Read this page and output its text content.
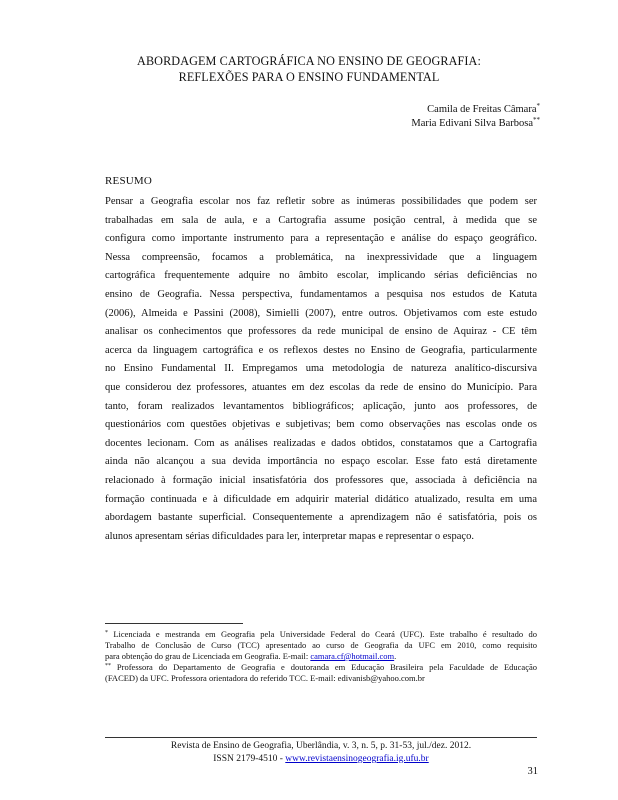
ABORDAGEM CARTOGRÁFICA NO ENSINO DE GEOGRAFIA:
REFLEXÕES PARA O ENSINO FUNDAMENTAL
Camila de Freitas Câmara*
Maria Edivani Silva Barbosa**
RESUMO
Pensar a Geografia escolar nos faz refletir sobre as inúmeras possibilidades que podem ser
trabalhadas em sala de aula, e a Cartografia assume posição central, à medida que se
configura como importante instrumento para a representação e análise do espaço geográfico.
Nessa compreensão, focamos a problemática, na inexpressividade que a linguagem
cartográfica frequentemente adquire no âmbito escolar, implicando sérias deficiências no
ensino de Geografia. Nessa perspectiva, fundamentamos a pesquisa nos estudos de Katuta
(2006), Almeida e Passini (2008), Simielli (2007), entre outros. Objetivamos com este estudo
analisar os conhecimentos que professores da rede municipal de ensino de Aquiraz - CE têm
acerca da linguagem cartográfica e os reflexos destes no Ensino de Geografia, particularmente
no Ensino Fundamental II. Empregamos uma metodologia de natureza analítico-discursiva
que considerou dez professores, atuantes em dez escolas da rede de ensino do Município. Para
tanto, foram realizados levantamentos bibliográficos; aplicação, junto aos professores, de
questionários com questões objetivas e subjetivas; bem como observações nas escolas onde os
docentes lecionam. Com as análises realizadas e dados obtidos, constatamos que a Cartografia
ainda não alcançou a sua devida importância no espaço escolar. Esse fato está diretamente
relacionado à formação inicial insatisfatória dos professores que, associada à deficiência na
formação continuada e à dificuldade em adquirir material didático atualizado, resulta em uma
abordagem bastante superficial. Consequentemente a aprendizagem não é satisfatória, pois os
alunos apresentam sérias dificuldades para ler, interpretar mapas e representar o espaço.
* Licenciada e mestranda em Geografia pela Universidade Federal do Ceará (UFC). Este trabalho é resultado do
Trabalho de Conclusão de Curso (TCC) apresentado ao curso de Geografia da UFC em 2010, como requisito
para obtenção do grau de Licenciada em Geografia. E-mail: camara.cf@hotmail.com.
** Professora do Departamento de Geografia e doutoranda em Educação Brasileira pela Faculdade de Educação
(FACED) da UFC. Professora orientadora do referido TCC. E-mail: edivanisb@yahoo.com.br
Revista de Ensino de Geografia, Uberlândia, v. 3, n. 5, p. 31-53, jul./dez. 2012.
ISSN 2179-4510 - www.revistaensinogeografia.ig.ufu.br
31
